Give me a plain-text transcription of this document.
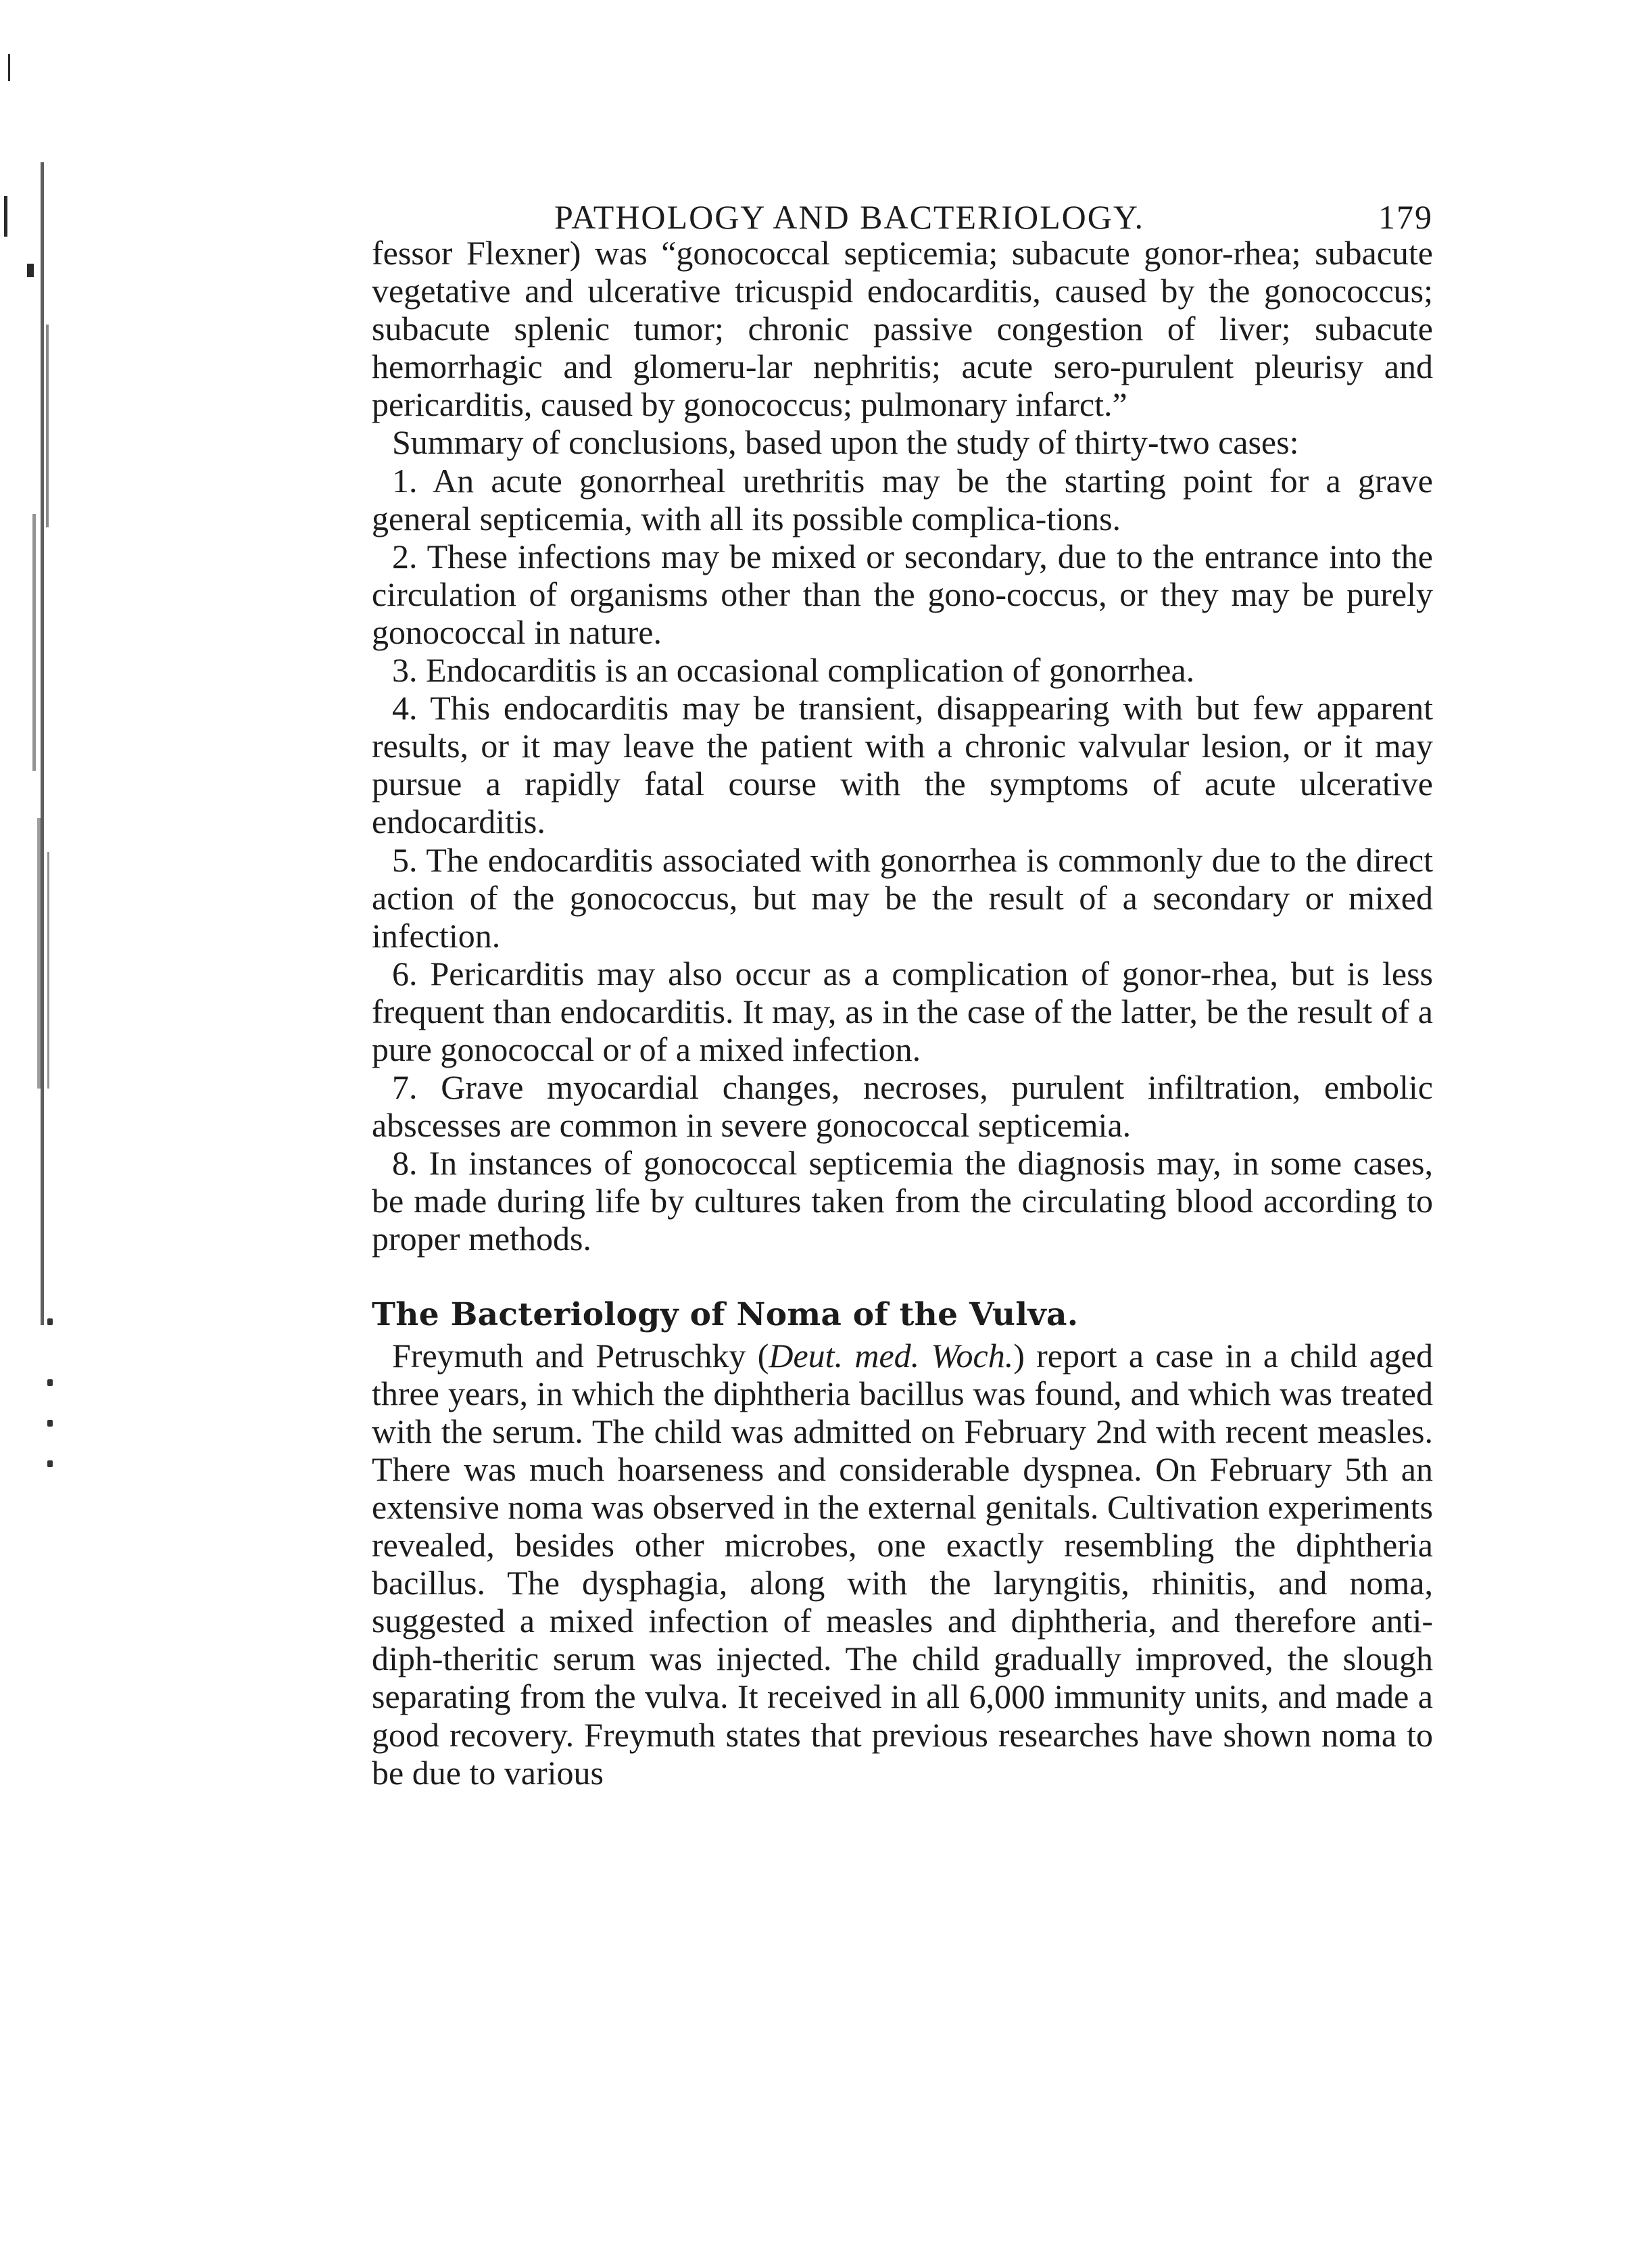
PATHOLOGY AND BACTERIOLOGY.	179

fessor Flexner) was “gonococcal septicemia; subacute gonor-rhea; subacute vegetative and ulcerative tricuspid endocarditis, caused by the gonococcus; subacute splenic tumor; chronic passive congestion of liver; subacute hemorrhagic and glomeru-lar nephritis; acute sero-purulent pleurisy and pericarditis, caused by gonococcus; pulmonary infarct.”

Summary of conclusions, based upon the study of thirty-two cases:

1. An acute gonorrheal urethritis may be the starting point for a grave general septicemia, with all its possible complica-tions.

2. These infections may be mixed or secondary, due to the entrance into the circulation of organisms other than the gono-coccus, or they may be purely gonococcal in nature.

3. Endocarditis is an occasional complication of gonorrhea.

4. This endocarditis may be transient, disappearing with but few apparent results, or it may leave the patient with a chronic valvular lesion, or it may pursue a rapidly fatal course with the symptoms of acute ulcerative endocarditis.

5. The endocarditis associated with gonorrhea is commonly due to the direct action of the gonococcus, but may be the result of a secondary or mixed infection.

6. Pericarditis may also occur as a complication of gonor-rhea, but is less frequent than endocarditis. It may, as in the case of the latter, be the result of a pure gonococcal or of a mixed infection.

7. Grave myocardial changes, necroses, purulent infiltration, embolic abscesses are common in severe gonococcal septicemia.

8. In instances of gonococcal septicemia the diagnosis may, in some cases, be made during life by cultures taken from the circulating blood according to proper methods.

The Bacteriology of Noma of the Vulva.

Freymuth and Petruschky (Deut. med. Woch.) report a case in a child aged three years, in which the diphtheria bacillus was found, and which was treated with the serum. The child was admitted on February 2nd with recent measles. There was much hoarseness and considerable dyspnea. On February 5th an extensive noma was observed in the external genitals. Cultivation experiments revealed, besides other microbes, one exactly resembling the diphtheria bacillus. The dysphagia, along with the laryngitis, rhinitis, and noma, suggested a mixed infection of measles and diphtheria, and therefore anti-diph-theritic serum was injected. The child gradually improved, the slough separating from the vulva. It received in all 6,000 immunity units, and made a good recovery. Freymuth states that previous researches have shown noma to be due to various
